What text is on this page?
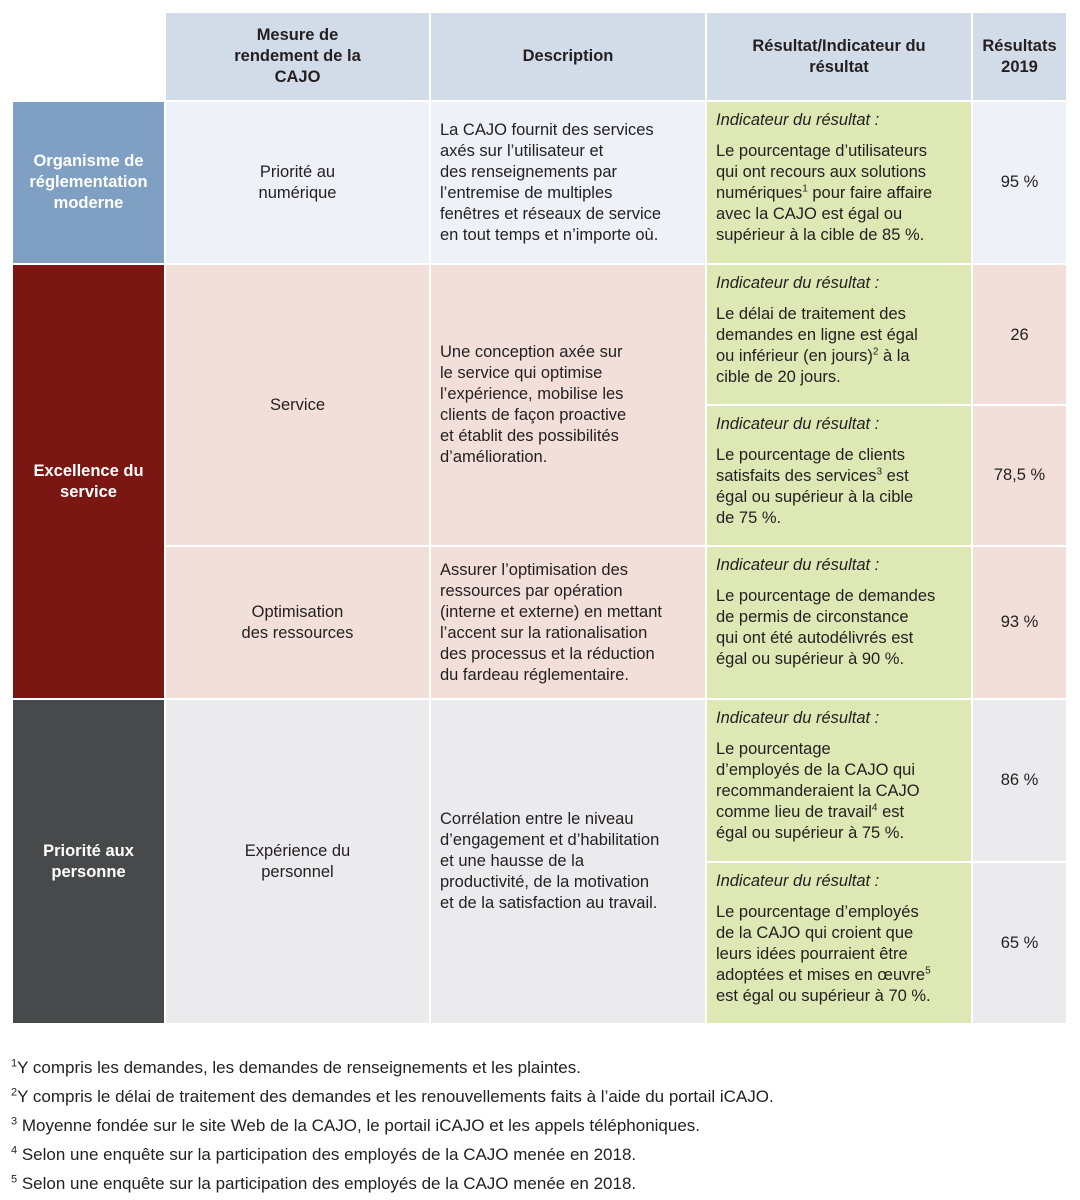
Mesure de
rendement de la
CAJO
Description
Résultat/Indicateur du
résultat
Résultats
2019
Organisme de
réglementation
moderne
Excellence du
service
Priorité aux
personne
Priorité au
numérique
Service
Optimisation
des ressources
Expérience du
personnel
La CAJO fournit des services
axés sur l’utilisateur et
des renseignements par
l’entremise de multiples
fenêtres et réseaux de service
en tout temps et n’importe où.
Une conception axée sur
le service qui optimise
l’expérience, mobilise les
clients de façon proactive
et établit des possibilités
d’amélioration.
Assurer l’optimisation des
ressources par opération
(interne et externe) en mettant
l’accent sur la rationalisation
des processus et la réduction
du fardeau réglementaire.
Corrélation entre le niveau
d’engagement et d’habilitation
et une hausse de la
productivité, de la motivation
et de la satisfaction au travail.
Indicateur du résultat :
Le pourcentage d’utilisateurs
qui ont recours aux solutions
numériques$^1$ pour faire affaire
avec la CAJO est égal ou
supérieur à la cible de 85 %.
Indicateur du résultat :
Le délai de traitement des
demandes en ligne est égal
ou inférieur (en jours)$^2$ à la
cible de 20 jours.
Indicateur du résultat :
Le pourcentage de clients
satisfaits des services$^3$ est
égal ou supérieur à la cible
de 75 %.
Indicateur du résultat :
Le pourcentage de demandes
de permis de circonstance
qui ont été autodélivrés est
égal ou supérieur à 90 %.
Indicateur du résultat :
Le pourcentage
d’employés de la CAJO qui
recommanderaient la CAJO
comme lieu de travail$^4$ est
égal ou supérieur à 75 %.
Indicateur du résultat :
Le pourcentage d’employés
de la CAJO qui croient que
leurs idées pourraient être
adoptées et mises en œuvre$^5$
est égal ou supérieur à 70 %.
95 %
26
78,5 %
93 %
86 %
65 %
$^1$Y compris les demandes, les demandes de renseignements et les plaintes.
$^2$Y compris le délai de traitement des demandes et les renouvellements faits à l’aide du portail iCAJO.
$^3$ Moyenne fondée sur le site Web de la CAJO, le portail iCAJO et les appels téléphoniques.
$^4$ Selon une enquête sur la participation des employés de la CAJO menée en 2018.
$^5$ Selon une enquête sur la participation des employés de la CAJO menée en 2018.
